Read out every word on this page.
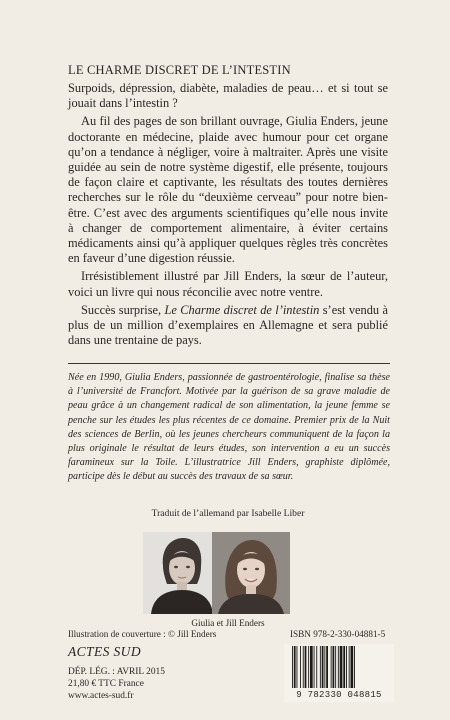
LE CHARME DISCRET DE L’INTESTIN

Surpoids, dépression, diabète, maladies de peau… et si tout se jouait dans l’intestin ?

Au fil des pages de son brillant ouvrage, Giulia Enders, jeune doctorante en médecine, plaide avec humour pour cet organe qu’on a tendance à négliger, voire à maltraiter. Après une visite guidée au sein de notre système digestif, elle présente, toujours de façon claire et captivante, les résultats des toutes dernières recherches sur le rôle du “deuxième cerveau” pour notre bien-être. C’est avec des arguments scientifiques qu’elle nous invite à changer de comportement alimentaire, à éviter certains médicaments ainsi qu’à appliquer quelques règles très concrètes en faveur d’une digestion réussie.

Irrésistiblement illustré par Jill Enders, la sœur de l’auteur, voici un livre qui nous réconcilie avec notre ventre.

Succès surprise, Le Charme discret de l’intestin s’est vendu à plus de un million d’exemplaires en Allemagne et sera publié dans une trentaine de pays.

Née en 1990, Giulia Enders, passionnée de gastroentérologie, finalise sa thèse à l’université de Francfort. Motivée par la guérison de sa grave maladie de peau grâce à un changement radical de son alimentation, la jeune femme se penche sur les études les plus récentes de ce domaine. Premier prix de la Nuit des sciences de Berlin, où les jeunes chercheurs communiquent de la façon la plus originale le résultat de leurs études, son intervention a eu un succès faramineux sur la Toile. L’illustratrice Jill Enders, graphiste diplômée, participe dès le début au succès des travaux de sa sœur.
Traduit de l’allemand par Isabelle Liber
Giulia et Jill Enders
Illustration de couverture : © Jill Enders	ISBN 978-2-330-04881-5
ACTES SUD
DÉP. LÉG. : AVRIL 2015
21,80 € TTC France
www.actes-sud.fr	9 782330 048815
